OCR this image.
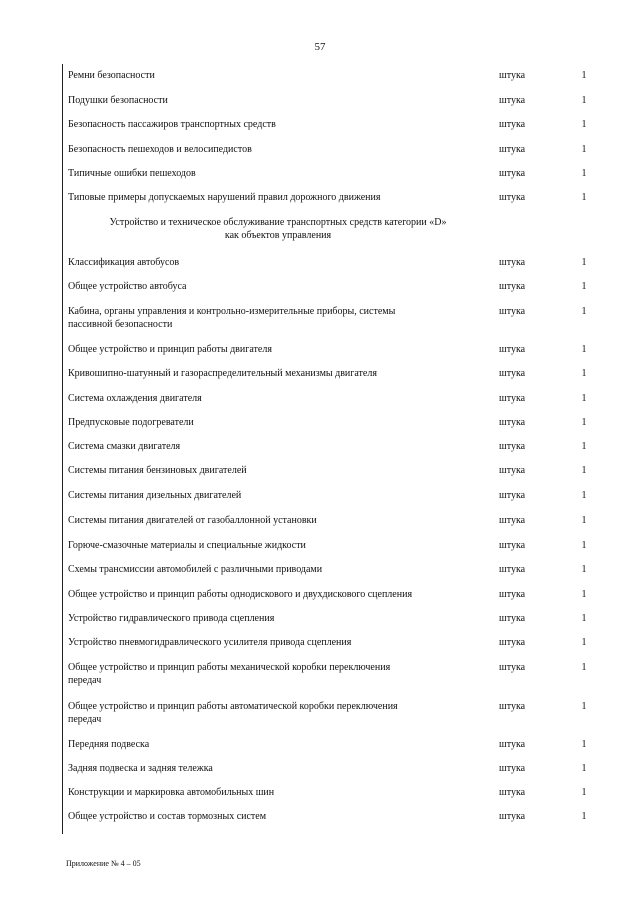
57
Ремни безопасности	штука	1
Подушки безопасности	штука	1
Безопасность пассажиров транспортных средств	штука	1
Безопасность пешеходов и велосипедистов	штука	1
Типичные ошибки пешеходов	штука	1
Типовые примеры допускаемых нарушений правил дорожного движения	штука	1
Устройство и техническое обслуживание транспортных средств категории «D»
как объектов управления
Классификация автобусов	штука	1
Общее устройство автобуса	штука	1
Кабина, органы управления и контрольно-измерительные приборы, системы
пассивной безопасности
штука	1
Общее устройство и принцип работы двигателя	штука	1
Кривошипно-шатунный и газораспределительный механизмы двигателя	штука	1
Система охлаждения двигателя	штука	1
Предпусковые подогреватели	штука	1
Система смазки двигателя	штука	1
Системы питания бензиновых двигателей	штука	1
Системы питания дизельных двигателей	штука	1
Системы питания двигателей от газобаллонной установки	штука	1
Горюче-смазочные материалы и специальные жидкости	штука	1
Схемы трансмиссии автомобилей с различными приводами	штука	1
Общее устройство и принцип работы однодискового и двухдискового сцепления	штука	1
Устройство гидравлического привода сцепления	штука	1
Устройство пневмогидравлического усилителя привода сцепления	штука	1
Общее устройство и принцип работы механической коробки переключения
передач
штука	1
Общее устройство и принцип работы автоматической коробки переключения
передач
штука	1
Передняя подвеска	штука	1
Задняя подвеска и задняя тележка	штука	1
Конструкции и маркировка автомобильных шин	штука	1
Общее устройство и состав тормозных систем	штука	1
Приложение № 4 – 05
